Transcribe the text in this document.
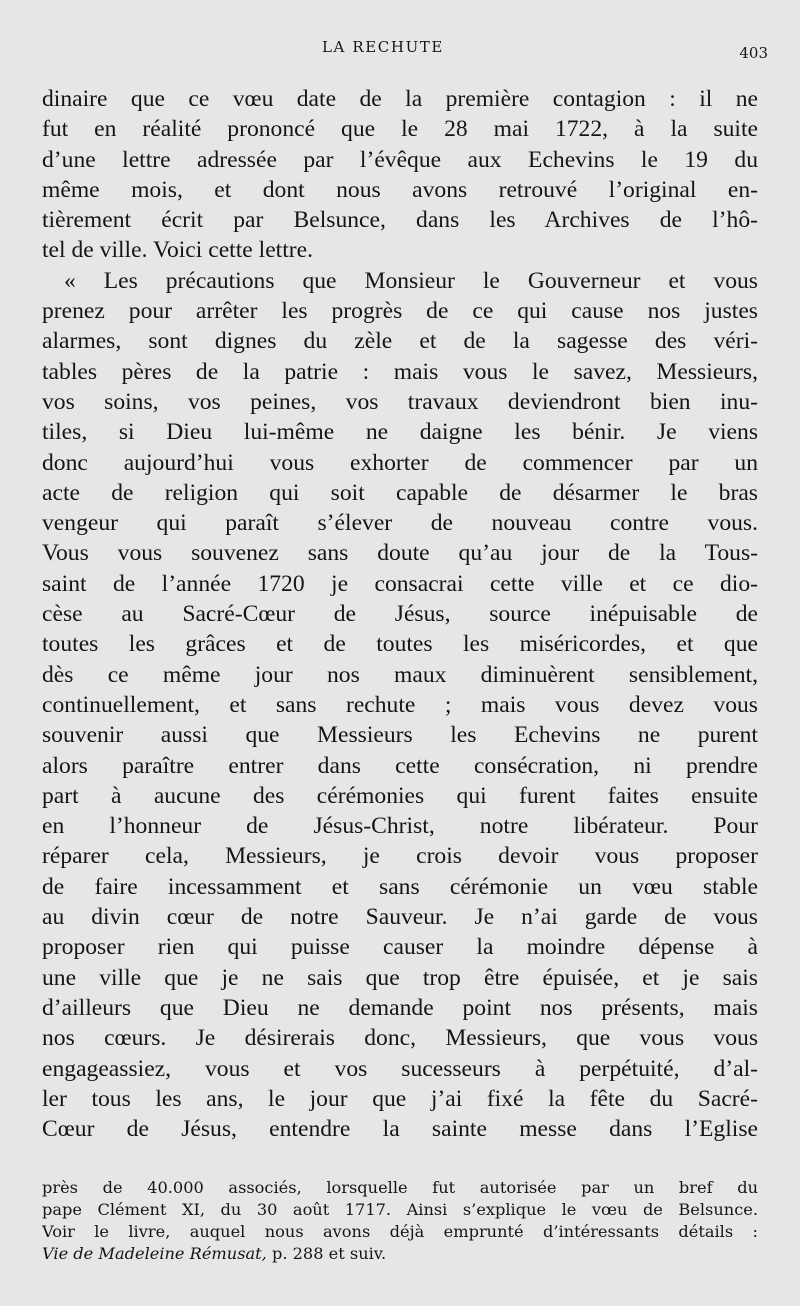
LA RECHUTE	403
dinaire que ce vœu date de la première contagion : il ne
fut en réalité prononcé que le 28 mai 1722, à la suite
d’une lettre adressée par l’évêque aux Echevins le 19 du
même mois, et dont nous avons retrouvé l’original en-
tièrement écrit par Belsunce, dans les Archives de l’hô-
tel de ville. Voici cette lettre.
« Les précautions que Monsieur le Gouverneur et vous
prenez pour arrêter les progrès de ce qui cause nos justes
alarmes, sont dignes du zèle et de la sagesse des véri-
tables pères de la patrie : mais vous le savez, Messieurs,
vos soins, vos peines, vos travaux deviendront bien inu-
tiles, si Dieu lui-même ne daigne les bénir. Je viens
donc aujourd’hui vous exhorter de commencer par un
acte de religion qui soit capable de désarmer le bras
vengeur qui paraît s’élever de nouveau contre vous.
Vous vous souvenez sans doute qu’au jour de la Tous-
saint de l’année 1720 je consacrai cette ville et ce dio-
cèse au Sacré-Cœur de Jésus, source inépuisable de
toutes les grâces et de toutes les miséricordes, et que
dès ce même jour nos maux diminuèrent sensiblement,
continuellement, et sans rechute ; mais vous devez vous
souvenir aussi que Messieurs les Echevins ne purent
alors paraître entrer dans cette consécration, ni prendre
part à aucune des cérémonies qui furent faites ensuite
en l’honneur de Jésus-Christ, notre libérateur. Pour
réparer cela, Messieurs, je crois devoir vous proposer
de faire incessamment et sans cérémonie un vœu stable
au divin cœur de notre Sauveur. Je n’ai garde de vous
proposer rien qui puisse causer la moindre dépense à
une ville que je ne sais que trop être épuisée, et je sais
d’ailleurs que Dieu ne demande point nos présents, mais
nos cœurs. Je désirerais donc, Messieurs, que vous vous
engageassiez, vous et vos sucesseurs à perpétuité, d’al-
ler tous les ans, le jour que j’ai fixé la fête du Sacré-
Cœur de Jésus, entendre la sainte messe dans l’Eglise
près de 40.000 associés, lorsquelle fut autorisée par un bref du
pape Clément XI, du 30 août 1717. Ainsi s’explique le vœu de Belsunce.
Voir le livre, auquel nous avons déjà emprunté d’intéressants détails :
Vie de Madeleine Rémusat, p. 288 et suiv.
